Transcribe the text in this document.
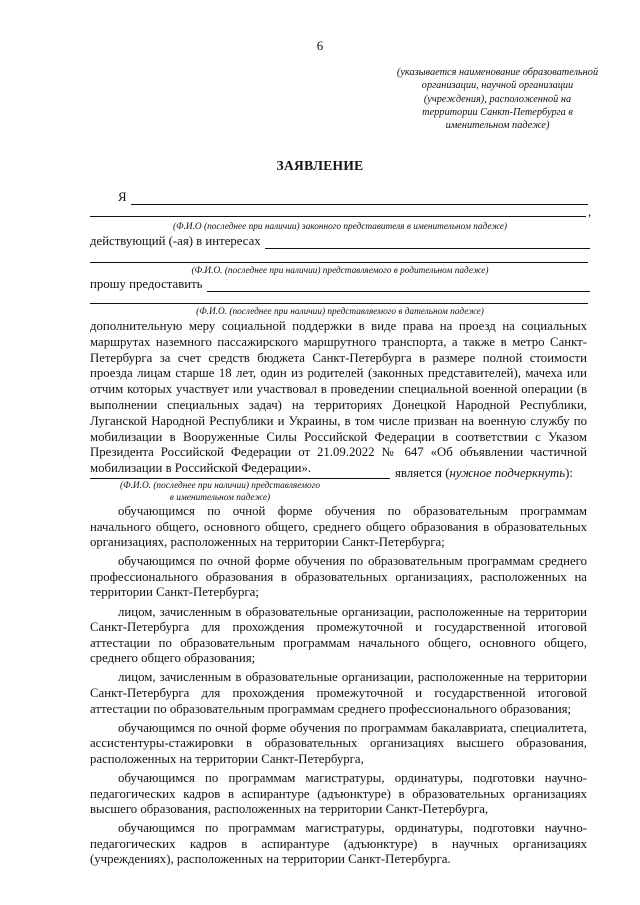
6
(указывается наименование образовательной организации, научной организации (учреждения), расположенной на территории Санкт-Петербурга в именительном падеже)
ЗАЯВЛЕНИЕ
Я
,
(Ф.И.О (последнее при наличии) законного представителя в именительном падеже)
действующий (-ая) в интересах
(Ф.И.О. (последнее при наличии) представляемого в родительном падеже)
прошу предоставить
(Ф.И.О. (последнее при наличии) представляемого в дательном падеже)
дополнительную меру социальной поддержки в виде права на проезд на социальных маршрутах наземного пассажирского маршрутного транспорта, а также в метро Санкт-Петербурга за счет средств бюджета Санкт-Петербурга в размере полной стоимости проезда лицам старше 18 лет, один из родителей (законных представителей), мачеха или отчим которых участвует или участвовал в проведении специальной военной операции (в выполнении специальных задач) на территориях Донецкой Народной Республики, Луганской Народной Республики и Украины, в том числе призван на военную службу по мобилизации в Вооруженные Силы Российской Федерации в соответствии с Указом Президента Российской Федерации от 21.09.2022 № 647 «Об объявлении частичной мобилизации в Российской Федерации».	является (нужное подчеркнуть):
(Ф.И.О. (последнее при наличии) представляемого в именительном падеже)

обучающимся по очной форме обучения по образовательным программам начального общего, основного общего, среднего общего образования в образовательных организациях, расположенных на территории Санкт-Петербурга;

обучающимся по очной форме обучения по образовательным программам среднего профессионального образования в образовательных организациях, расположенных на территории Санкт-Петербурга;

лицом, зачисленным в образовательные организации, расположенные на территории Санкт-Петербурга для прохождения промежуточной и государственной итоговой аттестации по образовательным программам начального общего, основного общего, среднего общего образования;

лицом, зачисленным в образовательные организации, расположенные на территории Санкт-Петербурга для прохождения промежуточной и государственной итоговой аттестации по образовательным программам среднего профессионального образования;

обучающимся по очной форме обучения по программам бакалавриата, специалитета, ассистентуры-стажировки в образовательных организациях высшего образования, расположенных на территории Санкт-Петербурга,

обучающимся по программам магистратуры, ординатуры, подготовки научно-педагогических кадров в аспирантуре (адъюнктуре) в образовательных организациях высшего образования, расположенных на территории Санкт-Петербурга,

обучающимся по программам магистратуры, ординатуры, подготовки научно-педагогических кадров в аспирантуре (адъюнктуре) в научных организациях (учреждениях), расположенных на территории Санкт-Петербурга.
